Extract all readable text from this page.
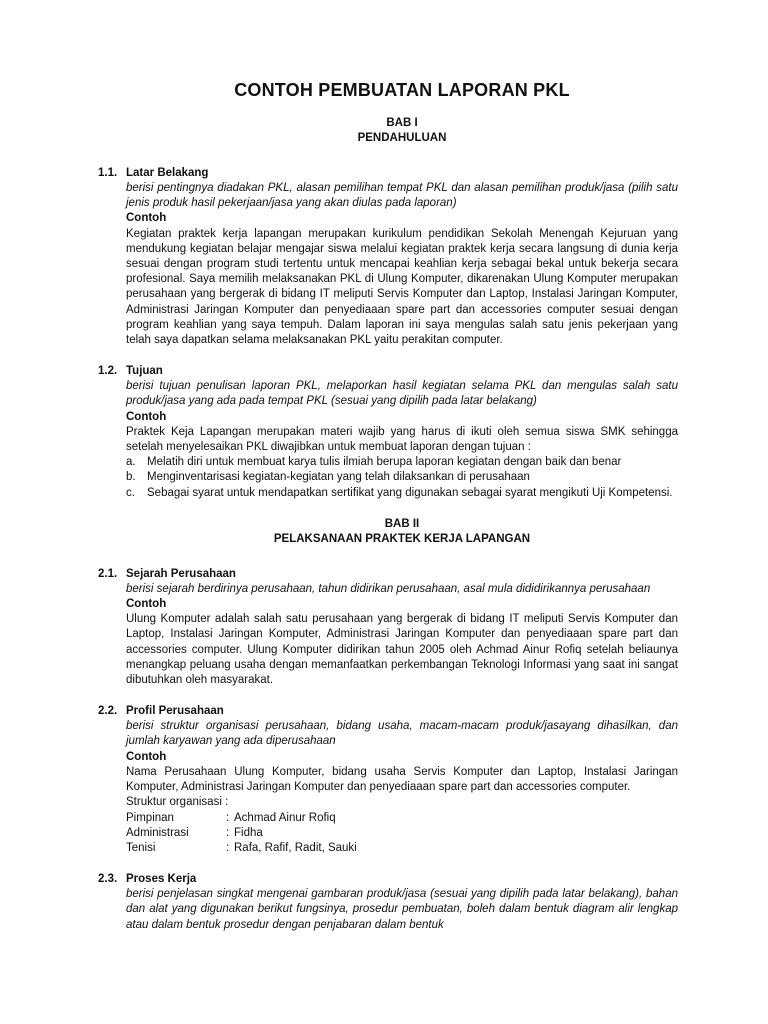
CONTOH PEMBUATAN LAPORAN PKL
BAB I
PENDAHULUAN
1.1. Latar Belakang
berisi pentingnya diadakan PKL, alasan pemilihan tempat PKL dan alasan pemilihan produk/jasa (pilih satu jenis produk hasil pekerjaan/jasa yang akan diulas pada laporan)
Contoh

Kegiatan praktek kerja lapangan merupakan kurikulum pendidikan Sekolah Menengah Kejuruan yang mendukung kegiatan belajar mengajar siswa melalui kegiatan praktek kerja secara langsung di dunia kerja sesuai dengan program studi tertentu untuk mencapai keahlian kerja sebagai bekal untuk bekerja secara profesional. Saya memilih melaksanakan PKL di Ulung Komputer, dikarenakan Ulung Komputer merupakan perusahaan yang bergerak di bidang IT meliputi Servis Komputer dan Laptop, Instalasi Jaringan Komputer, Administrasi Jaringan Komputer dan penyediaaan spare part dan accessories computer sesuai dengan program keahlian yang saya tempuh. Dalam laporan ini saya mengulas salah satu jenis pekerjaan yang telah saya dapatkan selama melaksanakan PKL yaitu perakitan computer.

1.2. Tujuan
berisi tujuan penulisan laporan PKL, melaporkan hasil kegiatan selama PKL dan mengulas salah satu produk/jasa yang ada pada tempat PKL (sesuai yang dipilih pada latar belakang)
Contoh

Praktek Keja Lapangan merupakan materi wajib yang harus di ikuti oleh semua siswa SMK sehingga setelah menyelesaikan PKL diwajibkan untuk membuat laporan dengan tujuan :

a. Melatih diri untuk membuat karya tulis ilmiah berupa laporan kegiatan dengan baik dan benar
b. Menginventarisasi kegiatan-kegiatan yang telah dilaksankan di perusahaan
c.	Sebagai syarat untuk mendapatkan sertifikat yang digunakan sebagai syarat mengikuti Uji Kompetensi.
BAB II
PELAKSANAAN PRAKTEK KERJA LAPANGAN
2.1. Sejarah Perusahaan
berisi sejarah berdirinya perusahaan, tahun didirikan perusahaan, asal mula dididirikannya perusahaan
Contoh

Ulung Komputer adalah salah satu perusahaan yang bergerak di bidang IT meliputi Servis Komputer dan Laptop, Instalasi Jaringan Komputer, Administrasi Jaringan Komputer dan penyediaaan spare part dan accessories computer. Ulung Komputer didirikan tahun 2005 oleh Achmad Ainur Rofiq setelah beliaunya menangkap peluang usaha dengan memanfaatkan perkembangan Teknologi Informasi yang saat ini sangat dibutuhkan oleh masyarakat.

2.2. Profil Perusahaan
berisi struktur organisasi perusahaan, bidang usaha, macam-macam produk/jasayang dihasilkan, dan jumlah karyawan yang ada diperusahaan
Contoh

Nama Perusahaan Ulung Komputer, bidang usaha Servis Komputer dan Laptop, Instalasi Jaringan Komputer, Administrasi Jaringan Komputer dan penyediaaan spare part dan accessories computer.

Struktur organisasi :
Pimpinan	: Achmad Ainur Rofiq
Administrasi	: Fidha
Tenisi	: Rafa, Rafif, Radit, Sauki
2.3. Proses Kerja
berisi penjelasan singkat mengenai gambaran produk/jasa (sesuai yang dipilih pada latar belakang), bahan dan alat yang digunakan berikut fungsinya, prosedur pembuatan, boleh dalam bentuk diagram alir lengkap atau dalam bentuk prosedur dengan penjabaran dalam bentuk
